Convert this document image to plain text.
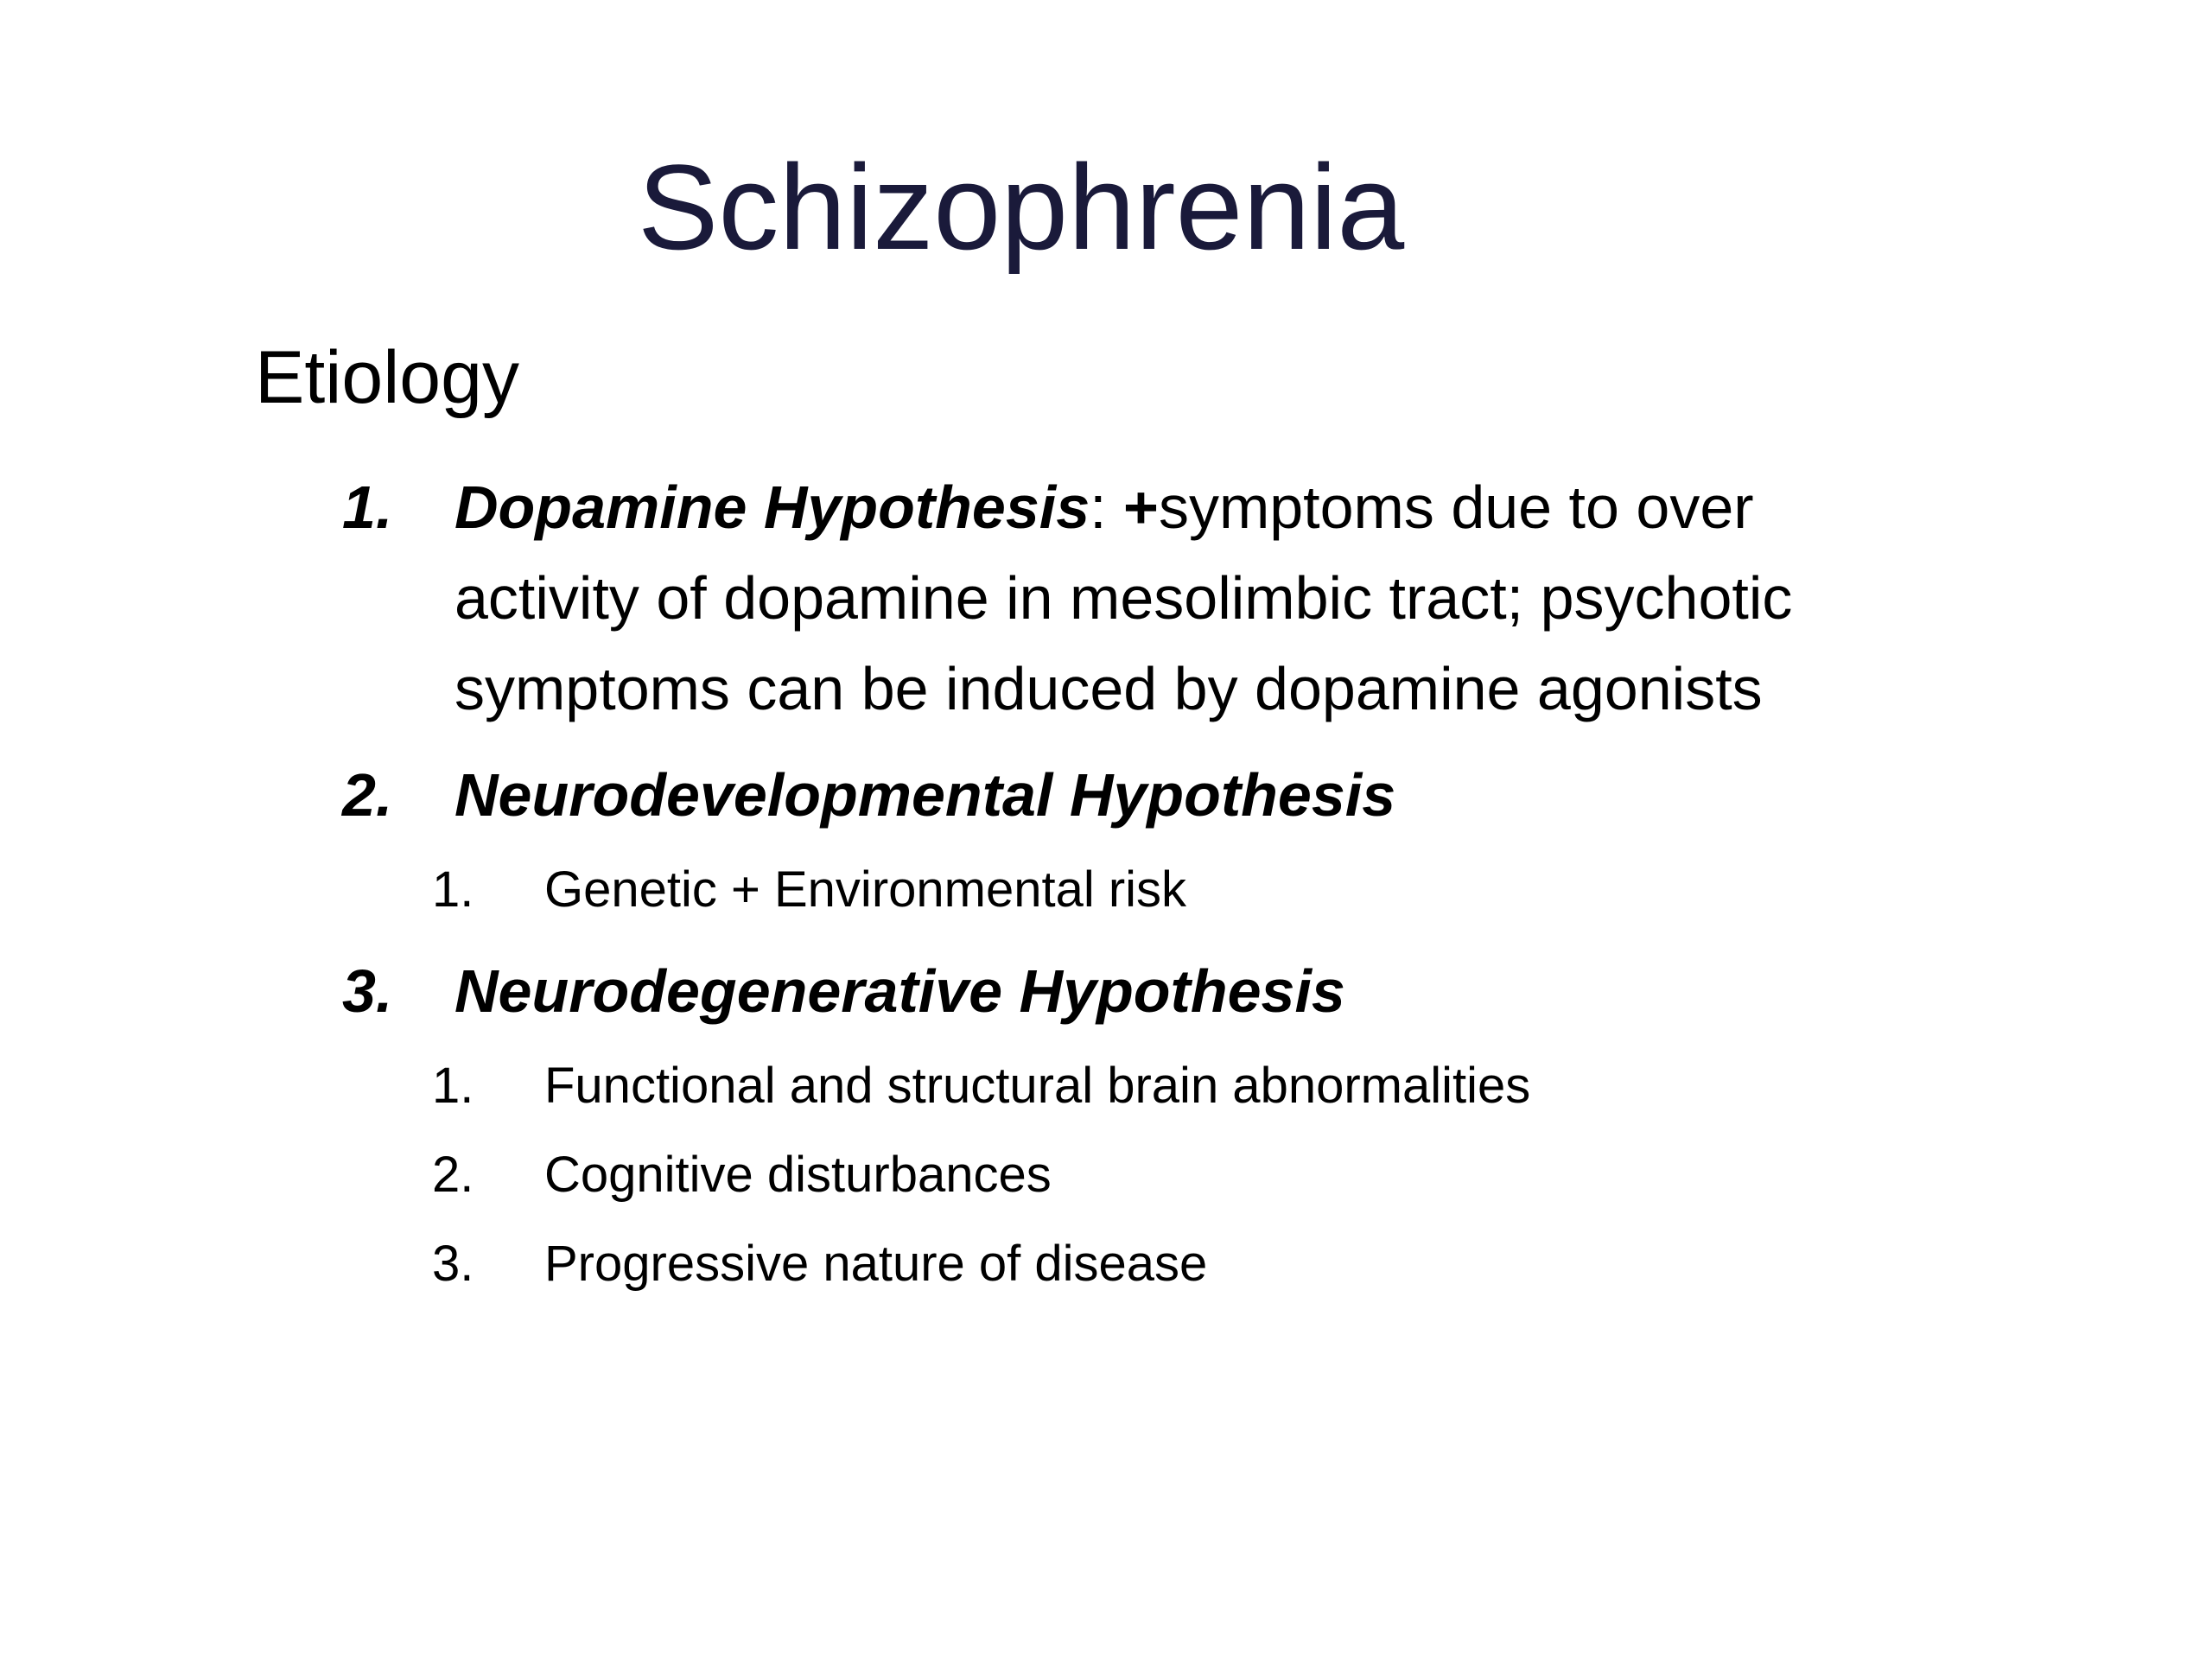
Schizophrenia
Etiology
1. Dopamine Hypothesis: +symptoms due to over
activity of dopamine in mesolimbic tract; psychotic
symptoms can be induced by dopamine agonists
2. Neurodevelopmental Hypothesis
1. Genetic + Environmental risk
3. Neurodegenerative Hypothesis
1. Functional and structural brain abnormalities
2. Cognitive disturbances
3. Progressive nature of disease
